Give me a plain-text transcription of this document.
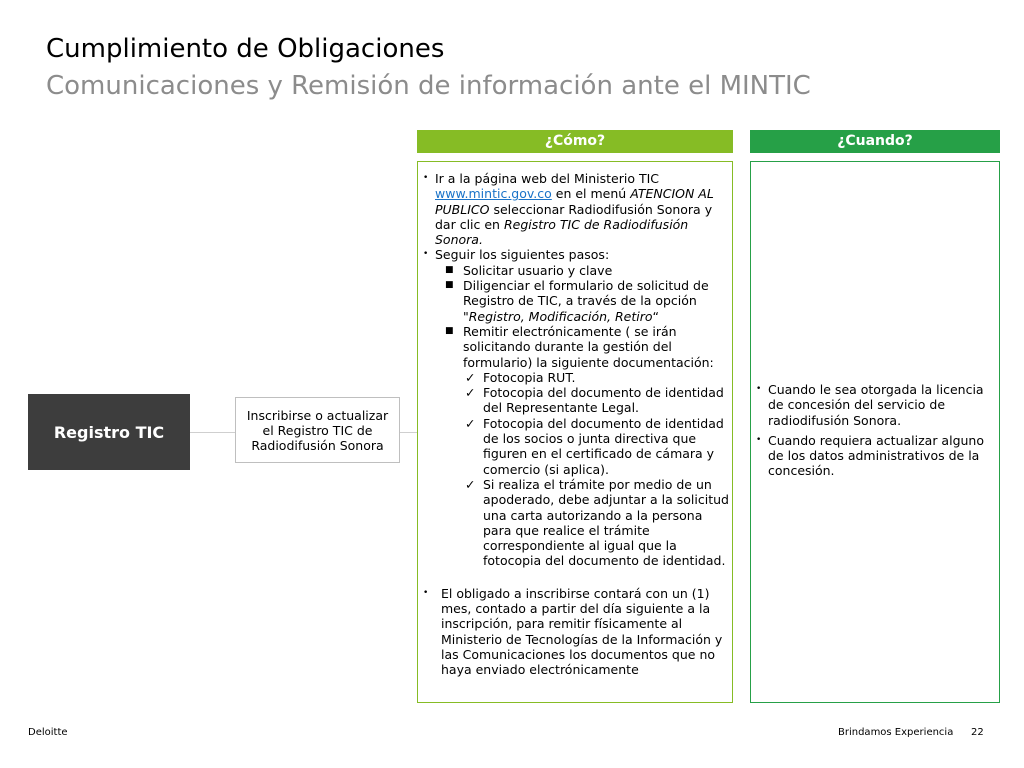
Cumplimiento de Obligaciones
Comunicaciones y Remisión de información ante el MINTIC
¿Cómo?	¿Cuando?
Registro TIC
Inscribirse o actualizar el Registro TIC de Radiodifusión Sonora
• Ir a la página web del Ministerio TIC www.mintic.gov.co en el menú ATENCION AL PUBLICO seleccionar Radiodifusión Sonora y dar clic en Registro TIC de Radiodifusión Sonora.
• Seguir los siguientes pasos:
■ Solicitar usuario y clave
■ Diligenciar el formulario de solicitud de Registro de TIC, a través de la opción "Registro, Modificación, Retiro“
■ Remitir electrónicamente ( se irán solicitando durante la gestión del formulario) la siguiente documentación:
✓ Fotocopia RUT.
✓ Fotocopia del documento de identidad del Representante Legal.
✓ Fotocopia del documento de identidad de los socios o junta directiva que figuren en el certificado de cámara y comercio (si aplica).
✓ Si realiza el trámite por medio de un apoderado, debe adjuntar a la solicitud una carta autorizando a la persona para que realice el trámite correspondiente al igual que la fotocopia del documento de identidad.
• El obligado a inscribirse contará con un (1) mes, contado a partir del día siguiente a la inscripción, para remitir físicamente al Ministerio de Tecnologías de la Información y las Comunicaciones los documentos que no haya enviado electrónicamente
• Cuando le sea otorgada la licencia de concesión del servicio de radiodifusión Sonora.
• Cuando requiera actualizar alguno de los datos administrativos de la concesión.
Deloitte	Brindamos Experiencia 22
